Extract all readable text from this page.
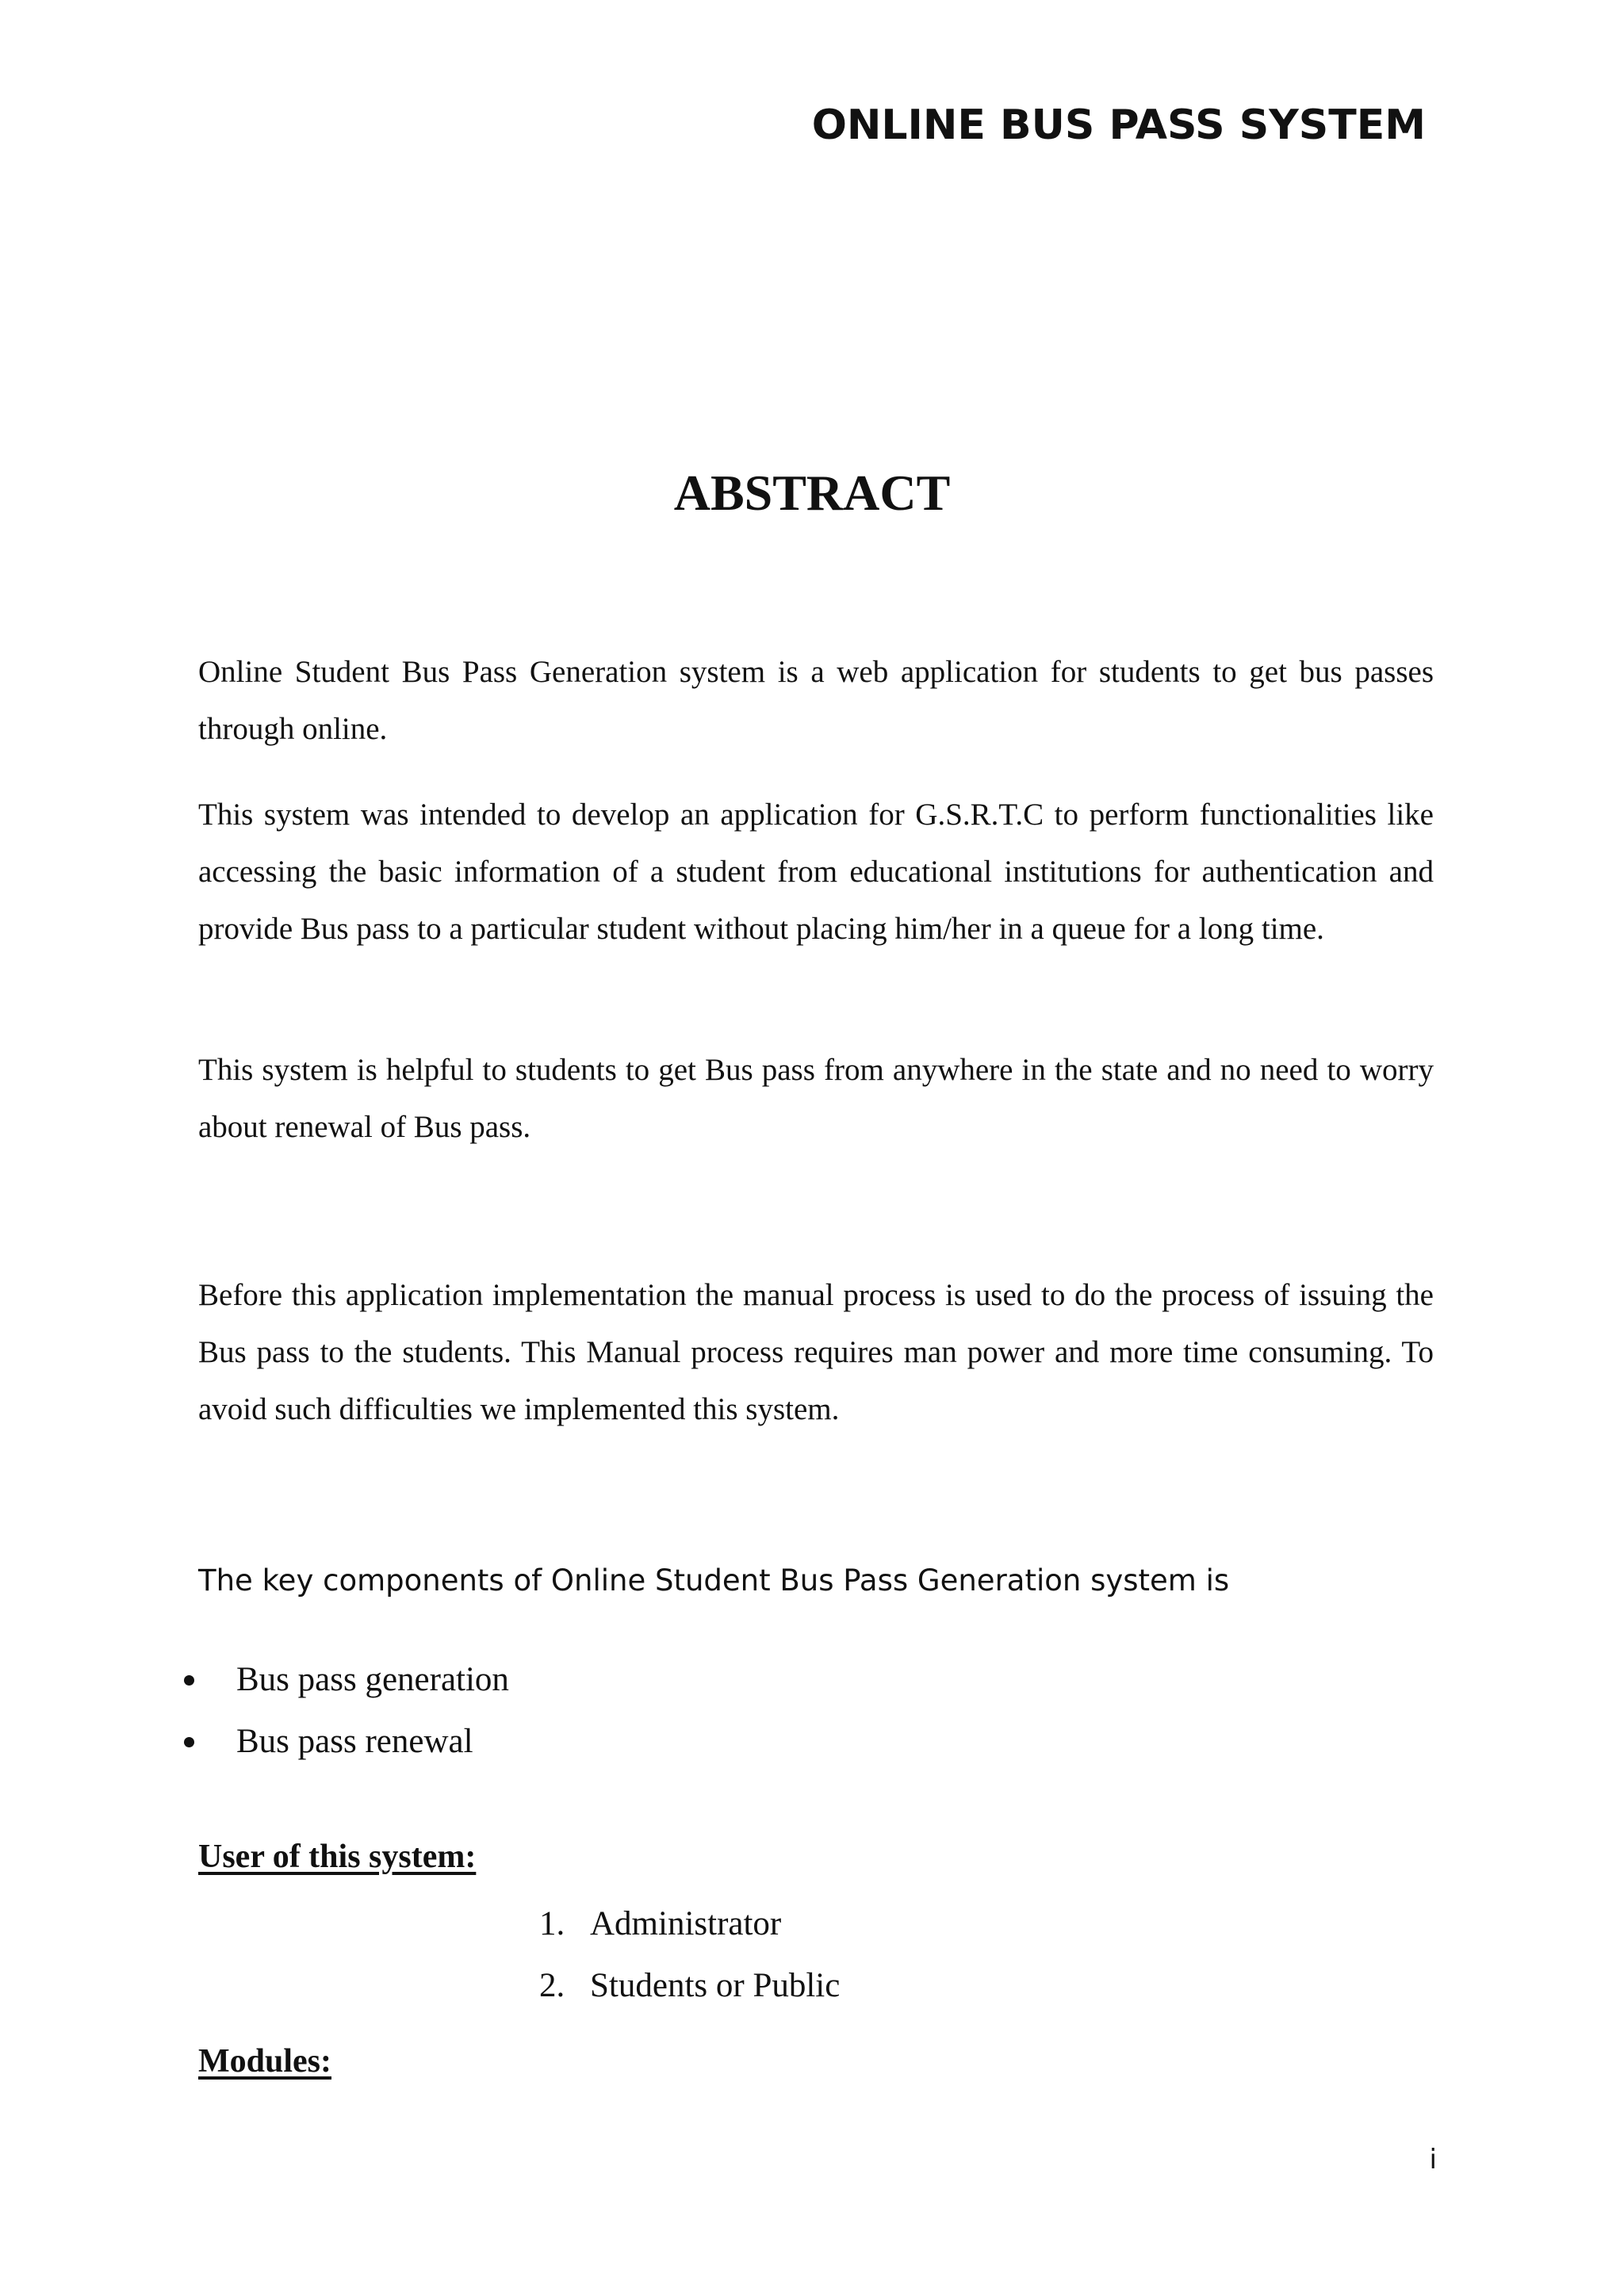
ONLINE BUS PASS SYSTEM
ABSTRACT
Online Student Bus Pass Generation system is a web application for students to get bus passes through online.
This system was intended to develop an application for G.S.R.T.C to perform functionalities like accessing the basic information of a student from educational institutions for authentication and provide Bus pass to a particular student without placing him/her in a queue for a long time.
This system is helpful to students to get Bus pass from anywhere in the state and no need to worry about renewal of Bus pass.
Before this application implementation the manual process is used to do the process of issuing the Bus pass to the students. This Manual process requires man power and more time consuming. To avoid such difficulties we implemented this system.
The key components of Online Student Bus Pass Generation system is
Bus pass generation
Bus pass renewal
User of this system:
1. Administrator
2. Students or Public
Modules:
i
